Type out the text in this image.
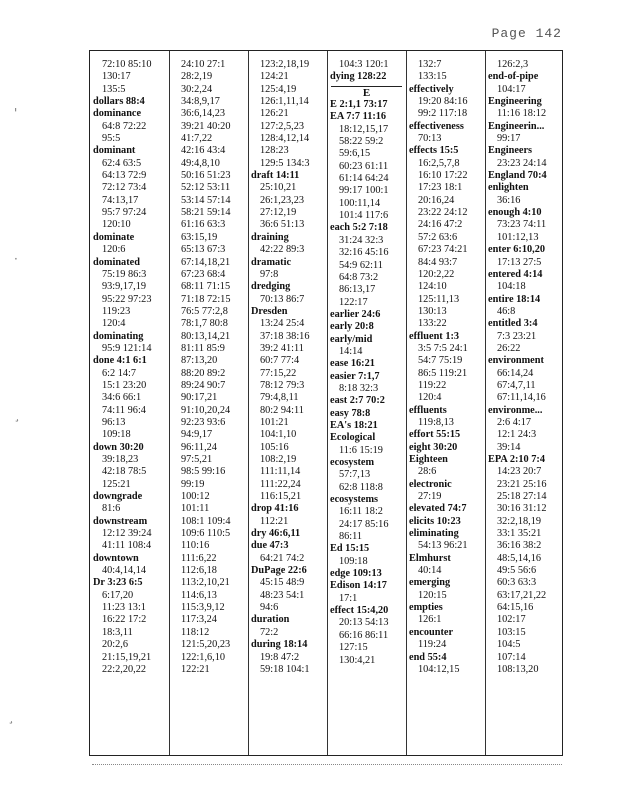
Page 142
'
·
¸
72:10 85:10
130:17
135:5
dollars 88:4
dominance
64:8 72:22
95:5
dominant
62:4 63:5
64:13 72:9
72:12 73:4
74:13,17
95:7 97:24
120:10
dominate
120:6
dominated
75:19 86:3
93:9,17,19
95:22 97:23
119:23
120:4
dominating
95:9 121:14
done 4:1 6:1
6:2 14:7
15:1 23:20
34:6 66:1
74:11 96:4
96:13
109:18
down 30:20
39:18,23
42:18 78:5
125:21
downgrade
81:6
downstream
12:12 39:24
41:11 108:4
downtown
40:4,14,14
Dr 3:23 6:5
6:17,20
11:23 13:1
16:22 17:2
18:3,11
20:2,6
21:15,19,21
22:2,20,22
24:10 27:1
28:2,19
30:2,24
34:8,9,17
36:6,14,23
39:21 40:20
41:7,22
42:16 43:4
49:4,8,10
50:16 51:23
52:12 53:11
53:14 57:14
58:21 59:14
61:16 63:3
63:15,19
65:13 67:3
67:14,18,21
67:23 68:4
68:11 71:15
71:18 72:15
76:5 77:2,8
78:1,7 80:8
80:13,14,21
81:11 85:9
87:13,20
88:20 89:2
89:24 90:7
90:17,21
91:10,20,24
92:23 93:6
94:9,17
96:11,24
97:5,21
98:5 99:16
99:19
100:12
101:11
108:1 109:4
109:6 110:5
110:16
111:6,22
112:6,18
113:2,10,21
114:6,13
115:3,9,12
117:3,24
118:12
121:5,20,23
122:1,6,10
122:21
123:2,18,19
124:21
125:4,19
126:1,11,14
126:21
127:2,5,23
128:4,12,14
128:23
129:5 134:3
draft 14:11
25:10,21
26:1,23,23
27:12,19
36:6 51:13
draining
42:22 89:3
dramatic
97:8
dredging
70:13 86:7
Dresden
13:24 25:4
37:18 38:16
39:2 41:11
60:7 77:4
77:15,22
78:12 79:3
79:4,8,11
80:2 94:11
101:21
104:1,10
105:16
108:2,19
111:11,14
111:22,24
116:15,21
drop 41:16
112:21
dry 46:6,11
due 47:3
64:21 74:2
DuPage 22:6
45:15 48:9
48:23 54:1
94:6
duration
72:2
during 18:14
19:8 47:2
59:18 104:1
104:3 120:1
dying 128:22
E
E 2:1,1 73:17
EA 7:7 11:16
18:12,15,17
58:22 59:2
59:6,15
60:23 61:11
61:14 64:24
99:17 100:1
100:11,14
101:4 117:6
each 5:2 7:18
31:24 32:3
32:16 45:16
54:9 62:11
64:8 73:2
86:13,17
122:17
earlier 24:6
early 20:8
early/mid
14:14
ease 16:21
easier 7:1,7
8:18 32:3
east 2:7 70:2
easy 78:8
EA's 18:21
Ecological
11:6 15:19
ecosystem
57:7,13
62:8 118:8
ecosystems
16:11 18:2
24:17 85:16
86:11
Ed 15:15
109:18
edge 109:13
Edison 14:17
17:1
effect 15:4,20
20:13 54:13
66:16 86:11
127:15
130:4,21
132:7
133:15
effectively
19:20 84:16
99:2 117:18
effectiveness
70:13
effects 15:5
16:2,5,7,8
16:10 17:22
17:23 18:1
20:16,24
23:22 24:12
24:16 47:2
57:2 63:6
67:23 74:21
84:4 93:7
120:2,22
124:10
125:11,13
130:13
133:22
effluent 1:3
3:5 7:5 24:1
54:7 75:19
86:5 119:21
119:22
120:4
effluents
119:8,13
effort 55:15
eight 30:20
Eighteen
28:6
electronic
27:19
elevated 74:7
elicits 10:23
eliminating
54:13 96:21
Elmhurst
40:14
emerging
120:15
empties
126:1
encounter
119:24
end 55:4
104:12,15
126:2,3
end-of-pipe
104:17
Engineering
11:16 18:12
Engineerin...
99:17
Engineers
23:23 24:14
England 70:4
enlighten
36:16
enough 4:10
73:23 74:11
101:12,13
enter 6:10,20
17:13 27:5
entered 4:14
104:18
entire 18:14
46:8
entitled 3:4
7:3 23:21
26:22
environment
66:14,24
67:4,7,11
67:11,14,16
environme...
2:6 4:17
12:1 24:3
39:14
EPA 2:10 7:4
14:23 20:7
23:21 25:16
25:18 27:14
30:16 31:12
32:2,18,19
33:1 35:21
36:16 38:2
48:5,14,16
49:5 56:6
60:3 63:3
63:17,21,22
64:15,16
102:17
103:15
104:5
107:14
108:13,20
